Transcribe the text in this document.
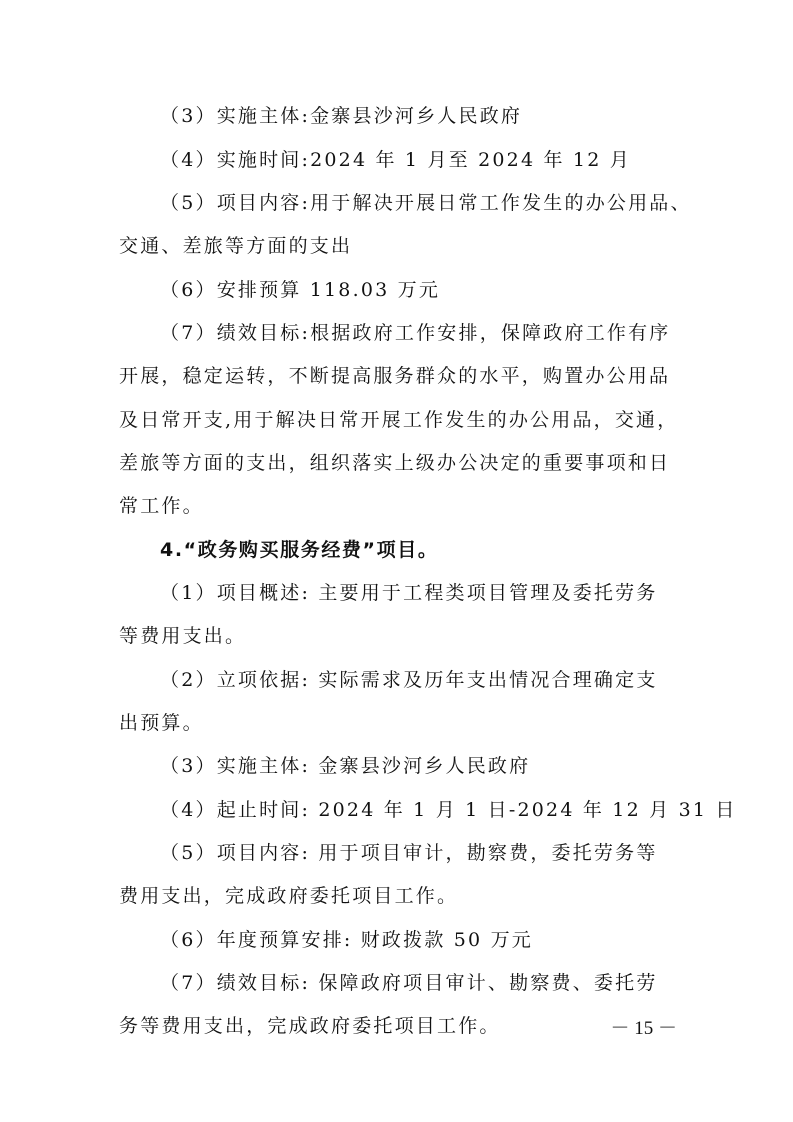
（3）实施主体:金寨县沙河乡人民政府

（4）实施时间:2024 年 1 月至 2024 年 12 月

（5）项目内容:用于解决开展日常工作发生的办公用品、

交通、差旅等方面的支出

（6）安排预算 118.03 万元

（7）绩效目标:根据政府工作安排，保障政府工作有序

开展，稳定运转，不断提高服务群众的水平，购置办公用品

及日常开支,用于解决日常开展工作发生的办公用品，交通，

差旅等方面的支出，组织落实上级办公决定的重要事项和日

常工作。

4.“政务购买服务经费”项目。

（1）项目概述: 主要用于工程类项目管理及委托劳务

等费用支出。

（2）立项依据: 实际需求及历年支出情况合理确定支

出预算。

（3）实施主体: 金寨县沙河乡人民政府

（4）起止时间: 2024 年 1 月 1 日-2024 年 12 月 31 日

（5）项目内容: 用于项目审计，勘察费，委托劳务等

费用支出，完成政府委托项目工作。

（6）年度预算安排: 财政拨款 50 万元

（7）绩效目标: 保障政府项目审计、勘察费、委托劳

务等费用支出，完成政府委托项目工作。	－ 15 －
